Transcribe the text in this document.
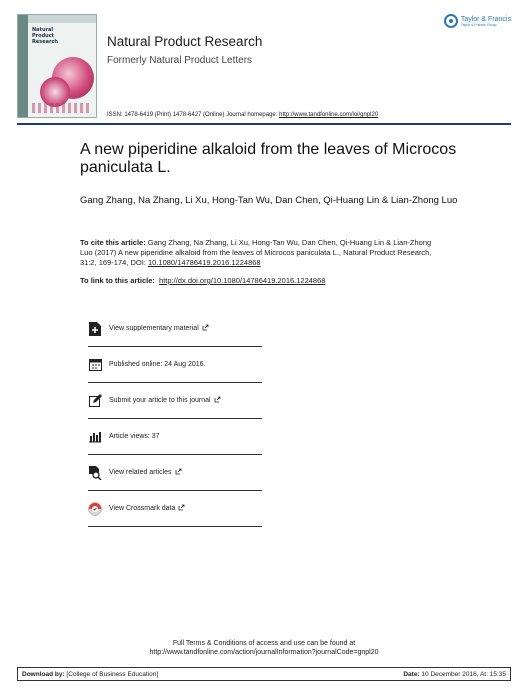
Natural
Product
Research	Natural Product Research
Formerly Natural Product Letters
Taylor & Francis
Taylor & Francis Group
ISSN: 1478-6419 (Print) 1478-6427 (Online) Journal homepage: http://www.tandfonline.com/loi/gnpl20
A new piperidine alkaloid from the leaves of Microcos paniculata L.
Gang Zhang, Na Zhang, Li Xu, Hong-Tan Wu, Dan Chen, Qi-Huang Lin & Lian-Zhong Luo
To cite this article: Gang Zhang, Na Zhang, Li Xu, Hong-Tan Wu, Dan Chen, Qi-Huang Lin & Lian-Zhong Luo (2017) A new piperidine alkaloid from the leaves of Microcos paniculata L., Natural Product Research, 31:2, 169-174, DOI: 10.1080/14786419.2016.1224868
To link to this article: http://dx.doi.org/10.1080/14786419.2016.1224868
View supplementary material
Published online: 24 Aug 2016.
Submit your article to this journal
Article views: 37
View related articles
View Crossmark data
Full Terms & Conditions of access and use can be found at
http://www.tandfonline.com/action/journalInformation?journalCode=gnpl20
Download by: [College of Business Education]	Date: 10 December 2016, At: 15:35
